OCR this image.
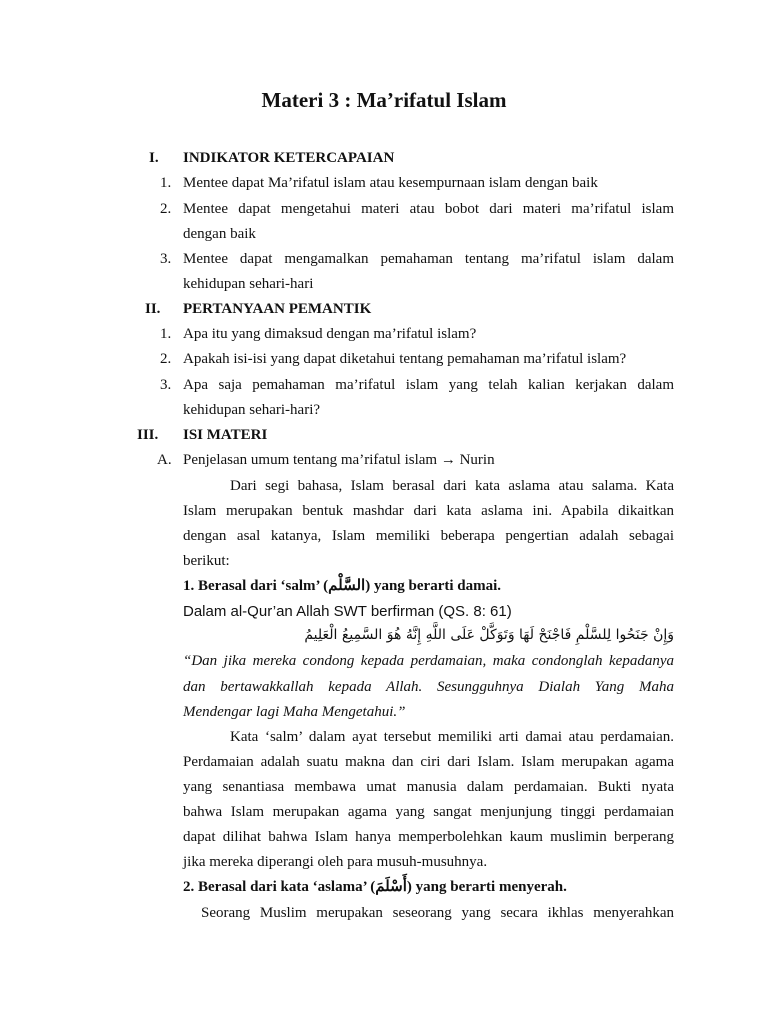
Materi 3 : Ma’rifatul Islam
I. INDIKATOR KETERCAPAIAN
1. Mentee dapat Ma’rifatul islam atau kesempurnaan islam dengan baik
2. Mentee dapat mengetahui materi atau bobot dari materi ma’rifatul islam
dengan baik
3. Mentee dapat mengamalkan pemahaman tentang ma’rifatul islam dalam
kehidupan sehari-hari
II. PERTANYAAN PEMANTIK
1. Apa itu yang dimaksud dengan ma’rifatul islam?
2. Apakah isi-isi yang dapat diketahui tentang pemahaman ma’rifatul islam?
3. Apa saja pemahaman ma’rifatul islam yang telah kalian kerjakan dalam
kehidupan sehari-hari?
III. ISI MATERI
A. Penjelasan umum tentang ma’rifatul islam → Nurin
Dari segi bahasa, Islam berasal dari kata aslama atau salama. Kata
Islam merupakan bentuk mashdar dari kata aslama ini. Apabila dikaitkan
dengan asal katanya, Islam memiliki beberapa pengertian adalah sebagai
berikut:
1. Berasal dari ‘salm’ (السَّلْم) yang berarti damai.
Dalam al-Qur’an Allah SWT berfirman (QS. 8: 61)
وَإِنْ جَنَحُوا لِلسَّلْمِ فَاجْنَحْ لَهَا وَتَوَكَّلْ عَلَى اللَّهِ إِنَّهُ هُوَ السَّمِيعُ الْعَلِيمُ
“Dan jika mereka condong kepada perdamaian, maka condonglah kepadanya
dan bertawakkallah kepada Allah. Sesungguhnya Dialah Yang Maha
Mendengar lagi Maha Mengetahui.”
Kata ‘salm’ dalam ayat tersebut memiliki arti damai atau perdamaian.
Perdamaian adalah suatu makna dan ciri dari Islam. Islam merupakan agama
yang senantiasa membawa umat manusia dalam perdamaian. Bukti nyata
bahwa Islam merupakan agama yang sangat menjunjung tinggi perdamaian
dapat dilihat bahwa Islam hanya memperbolehkan kaum muslimin berperang
jika mereka diperangi oleh para musuh-musuhnya.
2. Berasal dari kata ‘aslama’ (أَسْلَمَ) yang berarti menyerah.
Seorang Muslim merupakan seseorang yang secara ikhlas menyerahkan
